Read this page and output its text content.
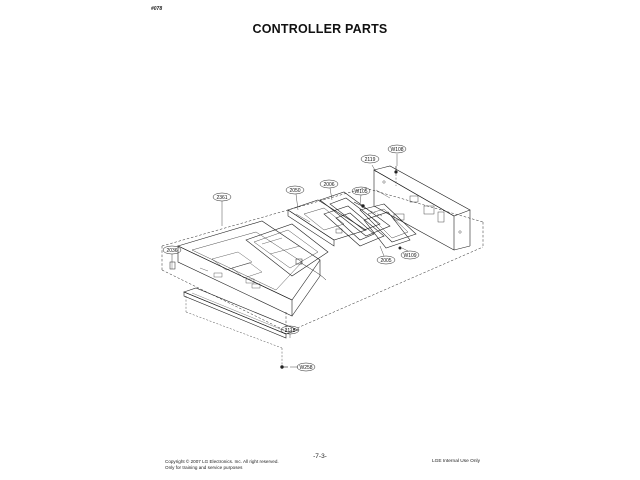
#078
CONTROLLER PARTS
W108
2119
2006
W105
2050
2361
2036
2005
W109
2118
W258
Copyright © 2007 LG Electronics. Inc. All right reserved.
Only for training and service purposes
-7-3-
LGE Internal Use Only
